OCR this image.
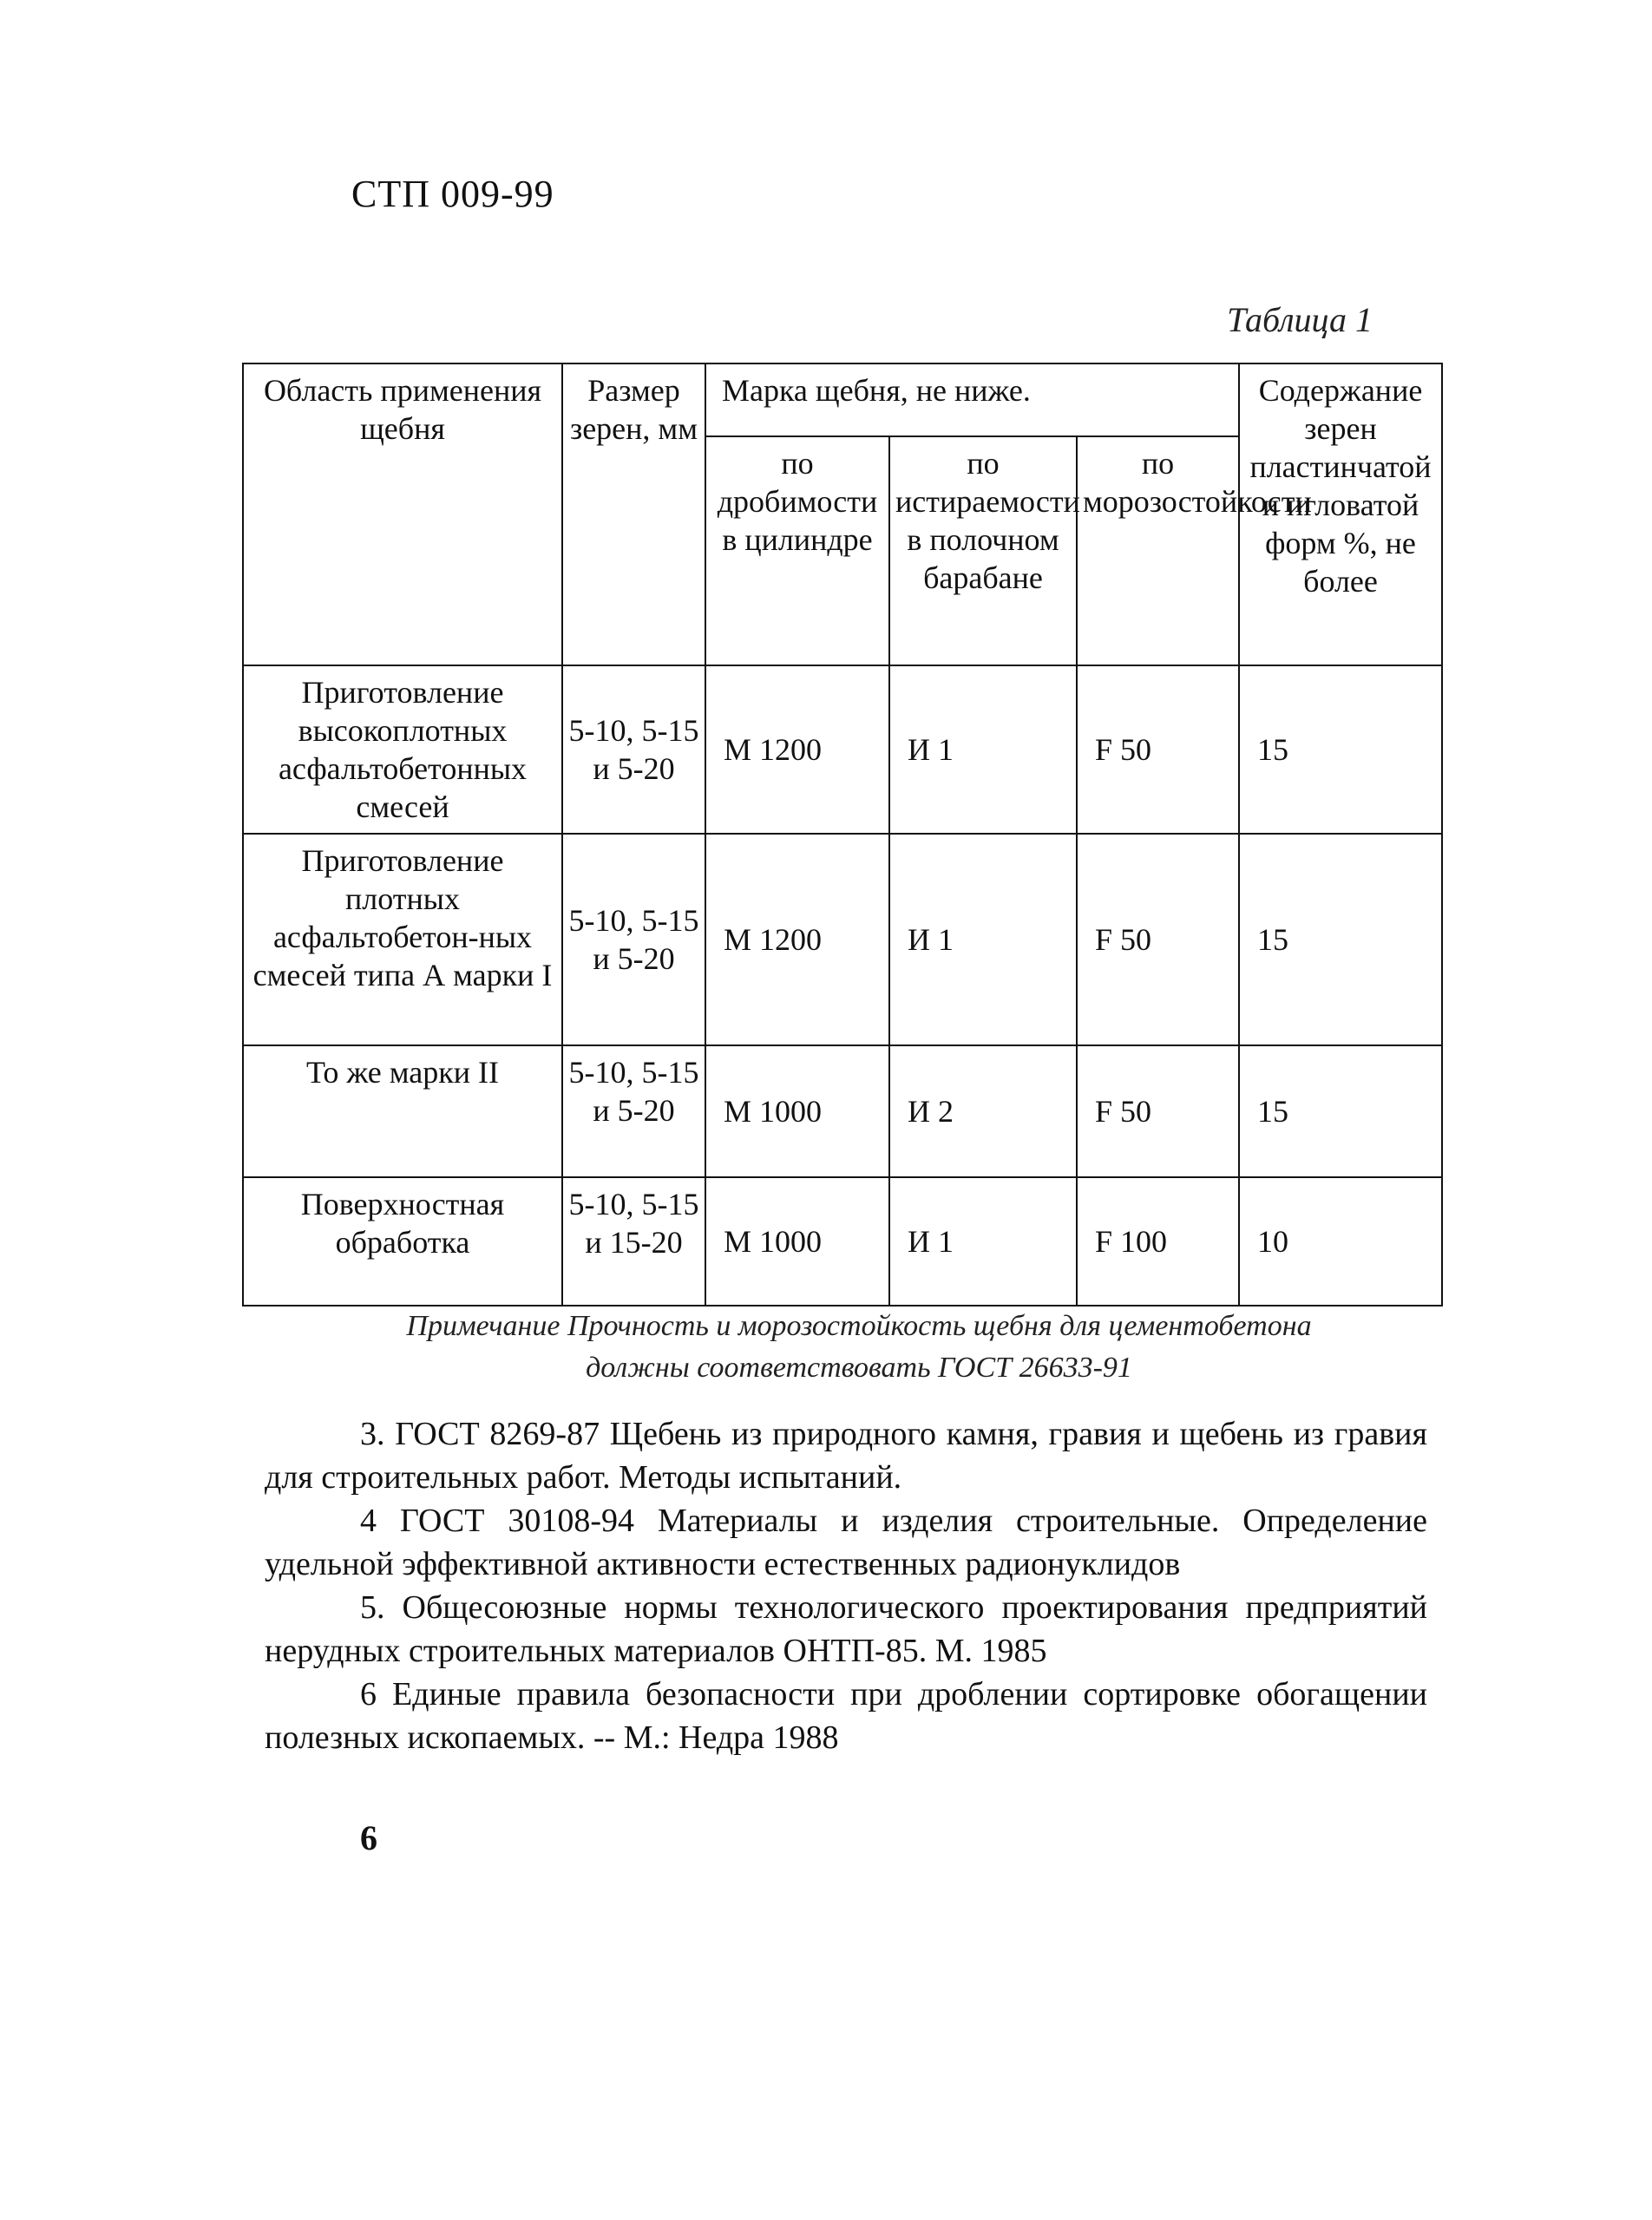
СТП 009-99
Таблица 1
Область применения щебня	Размер зерен, мм	Марка щебня, не ниже.			Содержание зерен пластинчатой и игловатой форм %, не более
		по дробимости в цилиндре	по истираемости в полочном барабане	по морозостойкости	
Приготовление высокоплотных асфальтобетонных смесей	5-10, 5-15 и 5-20	М 1200	И 1	F 50	15
Приготовление плотных асфальтобетон-ных смесей типа А марки I	5-10, 5-15 и 5-20	М 1200	И 1	F 50	15
То же марки II	5-10, 5-15 и 5-20	М 1000	И 2	F 50	15
Поверхностная обработка	5-10, 5-15 и 15-20	М 1000	И 1	F 100	10
Примечание Прочность и морозостойкость щебня для цементобетона
должны соответствовать ГОСТ 26633-91

3. ГОСТ 8269-87 Щебень из природного камня, гравия и щебень из гравия для строительных работ. Методы испытаний.

4 ГОСТ 30108-94 Материалы и изделия строительные. Определение удельной эффективной активности естественных радионуклидов

5. Общесоюзные нормы технологического проектирования предприятий нерудных строительных материалов ОНТП-85. М. 1985

6 Единые правила безопасности при дроблении сортировке обогащении полезных ископаемых. -- М.: Недра 1988

6
